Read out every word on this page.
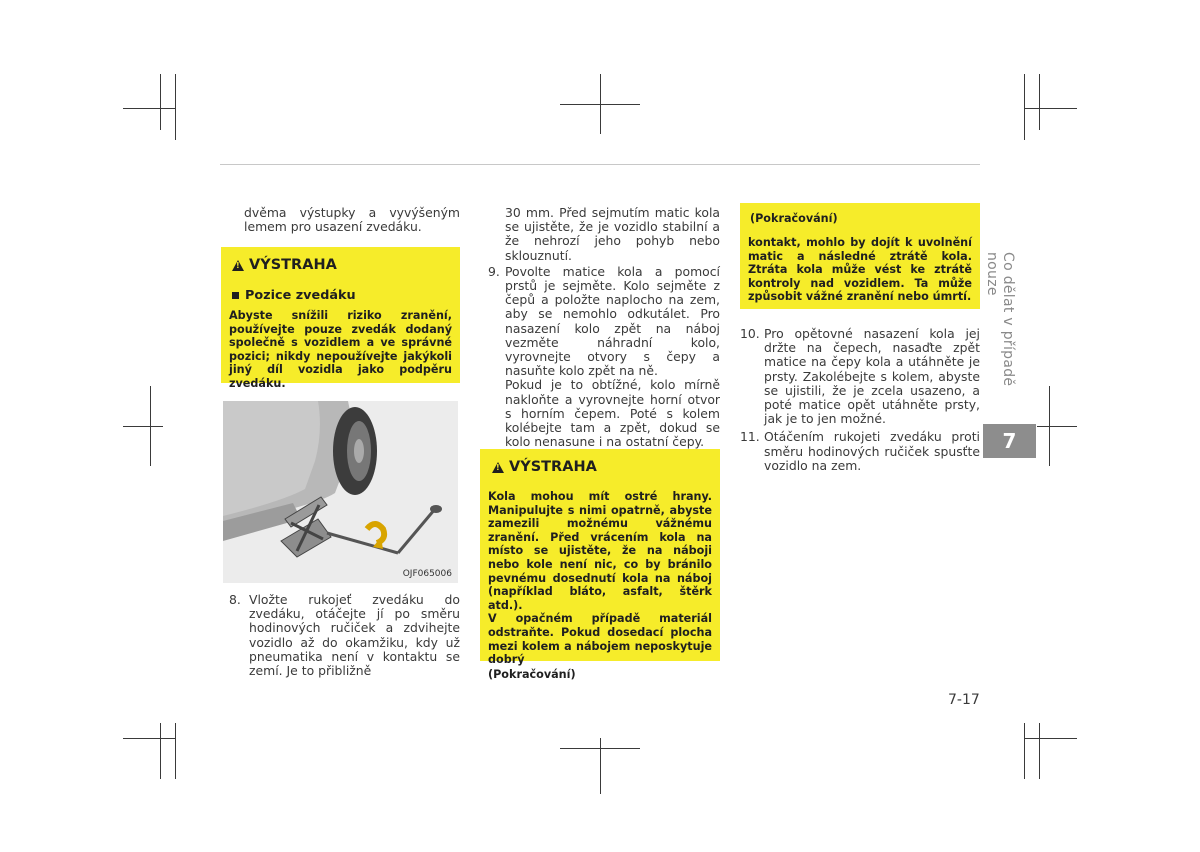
dvěma výstupky a vyvýšeným lemem pro usazení zvedáku.

!
VÝSTRAHA
Pozice zvedáku

Abyste snížili riziko zranění, používejte pouze zvedák dodaný společně s vozidlem a ve správné pozici; nikdy nepoužívejte jakýkoli jiný díl vozidla jako podpěru zvedáku.

OJF065006
8. Vložte rukojeť zvedáku do zvedáku, otáčejte jí po směru hodinových ručiček a zdvihejte vozidlo až do okamžiku, kdy už pneumatika není v kontaktu se zemí. Je to přibližně

30 mm. Před sejmutím matic kola se ujistěte, že je vozidlo stabilní a že nehrozí jeho pohyb nebo sklouznutí.

9. Povolte matice kola a pomocí prstů je sejměte. Kolo sejměte z čepů a položte naplocho na zem, aby se nemohlo odkutálet. Pro nasazení kolo zpět na náboj vezměte náhradní kolo, vyrovnejte otvory s čepy a nasuňte kolo zpět na ně.
Pokud je to obtížné, kolo mírně nakloňte a vyrovnejte horní otvor s horním čepem. Poté s kolem kolébejte tam a zpět, dokud se kolo nenasune i na ostatní čepy.
!
VÝSTRAHA

Kola mohou mít ostré hrany. Manipulujte s nimi opatrně, abyste zamezili možnému vážnému zranění. Před vrácením kola na místo se ujistěte, že na náboji nebo kole není nic, co by bránilo pevnému dosednutí kola na náboj (například bláto, asfalt, štěrk atd.).

V opačném případě materiál odstraňte. Pokud dosedací plocha mezi kolem a nábojem neposkytuje dobrý

(Pokračování)
(Pokračování)

kontakt, mohlo by dojít k uvolnění matic a následné ztrátě kola. Ztráta kola může vést ke ztrátě kontroly nad vozidlem. Ta může způsobit vážné zranění nebo úmrtí.

10. Pro opětovné nasazení kola jej držte na čepech, nasaďte zpět matice na čepy kola a utáhněte je prsty. Zakolébejte s kolem, abyste se ujistili, že je zcela usazeno, a poté matice opět utáhněte prsty, jak je to jen možné.
11. Otáčením rukojeti zvedáku proti směru hodinových ručiček spusťte vozidlo na zem.
Co dělat v případě nouze
7
7-17
